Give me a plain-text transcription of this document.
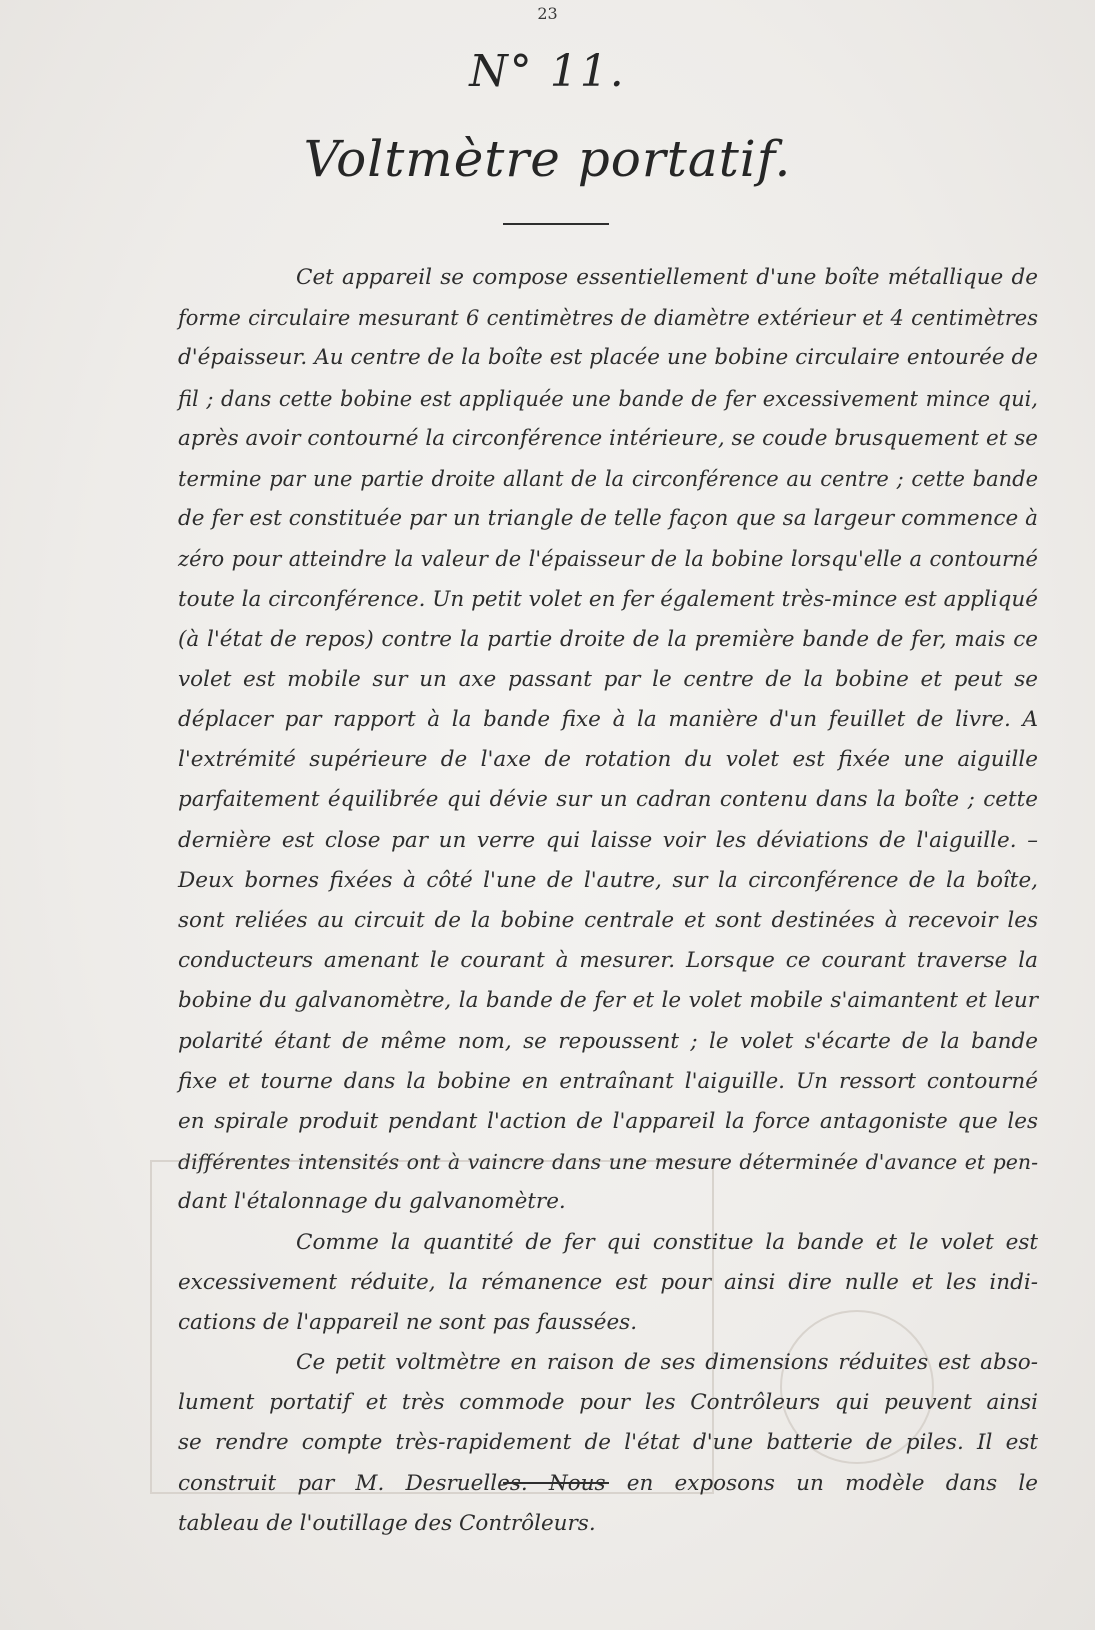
23
N° 11.
Voltmètre portatif.
Cet appareil se compose essentiellement d'une boîte métallique de
forme circulaire mesurant 6 centimètres de diamètre extérieur et 4 centimètres
d'épaisseur. Au centre de la boîte est placée une bobine circulaire entourée de
fil ; dans cette bobine est appliquée une bande de fer excessivement mince qui,
après avoir contourné la circonférence intérieure, se coude brusquement et se
termine par une partie droite allant de la circonférence au centre ; cette bande
de fer est constituée par un triangle de telle façon que sa largeur commence à
zéro pour atteindre la valeur de l'épaisseur de la bobine lorsqu'elle a contourné
toute la circonférence. Un petit volet en fer également très-mince est appliqué
(à l'état de repos) contre la partie droite de la première bande de fer, mais ce
volet est mobile sur un axe passant par le centre de la bobine et peut se
déplacer par rapport à la bande fixe à la manière d'un feuillet de livre. A
l'extrémité supérieure de l'axe de rotation du volet est fixée une aiguille
parfaitement équilibrée qui dévie sur un cadran contenu dans la boîte ; cette
dernière est close par un verre qui laisse voir les déviations de l'aiguille. –
Deux bornes fixées à côté l'une de l'autre, sur la circonférence de la boîte,
sont reliées au circuit de la bobine centrale et sont destinées à recevoir les
conducteurs amenant le courant à mesurer. Lorsque ce courant traverse la
bobine du galvanomètre, la bande de fer et le volet mobile s'aimantent et leur
polarité étant de même nom, se repoussent ; le volet s'écarte de la bande
fixe et tourne dans la bobine en entraînant l'aiguille. Un ressort contourné
en spirale produit pendant l'action de l'appareil la force antagoniste que les
différentes intensités ont à vaincre dans une mesure déterminée d'avance et pen-
dant l'étalonnage du galvanomètre.
Comme la quantité de fer qui constitue la bande et le volet est
excessivement réduite, la rémanence est pour ainsi dire nulle et les indi-
cations de l'appareil ne sont pas faussées.
Ce petit voltmètre en raison de ses dimensions réduites est abso-
lument portatif et très commode pour les Contrôleurs qui peuvent ainsi
se rendre compte très-rapidement de l'état d'une batterie de piles. Il est
construit par M. Desruelles. Nous en exposons un modèle dans le
tableau de l'outillage des Contrôleurs.
